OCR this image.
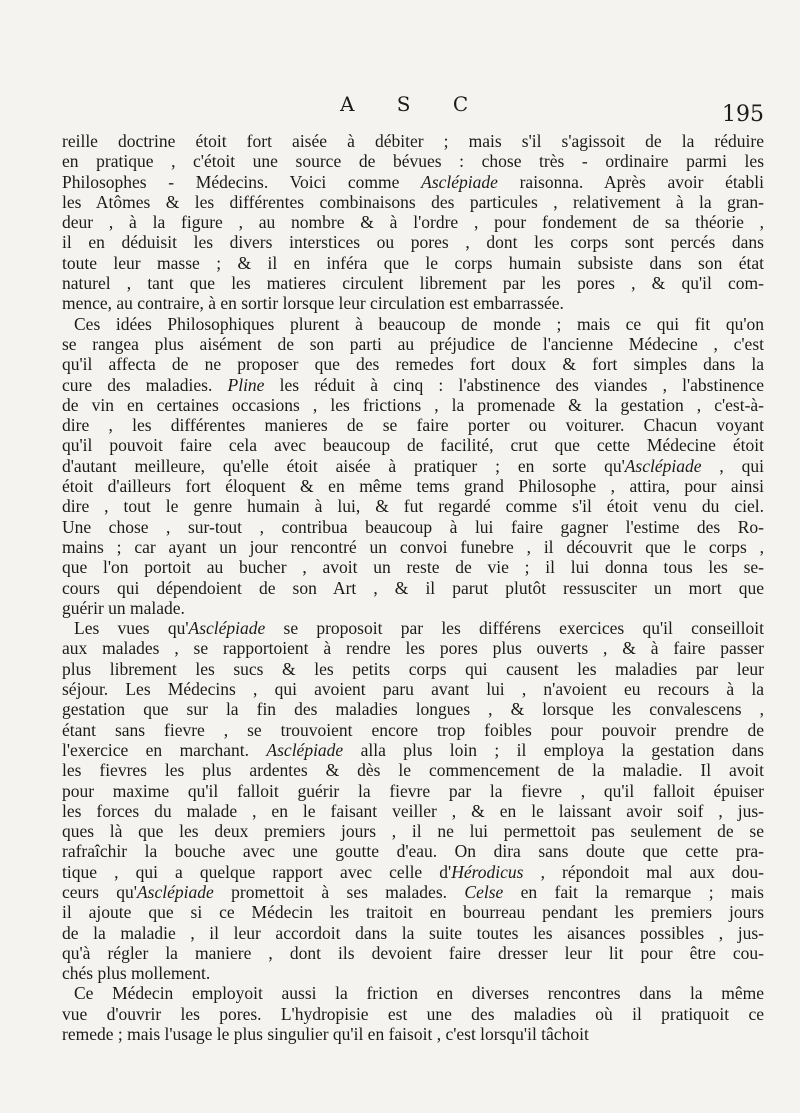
A S C	195
reille doctrine étoit fort aisée à débiter ; mais s'il s'agissoit de la réduire
en pratique , c'étoit une source de bévues : chose très - ordinaire parmi les
Philosophes - Médecins. Voici comme Asclépiade raisonna. Après avoir établi
les Atômes & les différentes combinaisons des particules , relativement à la gran-
deur , à la figure , au nombre & à l'ordre , pour fondement de sa théorie ,
il en déduisit les divers interstices ou pores , dont les corps sont percés dans
toute leur masse ; & il en inféra que le corps humain subsiste dans son état
naturel , tant que les matieres circulent librement par les pores , & qu'il com-
mence, au contraire, à en sortir lorsque leur circulation est embarrassée.
Ces idées Philosophiques plurent à beaucoup de monde ; mais ce qui fit qu'on
se rangea plus aisément de son parti au préjudice de l'ancienne Médecine , c'est
qu'il affecta de ne proposer que des remedes fort doux & fort simples dans la
cure des maladies. Pline les réduit à cinq : l'abstinence des viandes , l'abstinence
de vin en certaines occasions , les frictions , la promenade & la gestation , c'est-à-
dire , les différentes manieres de se faire porter ou voiturer. Chacun voyant
qu'il pouvoit faire cela avec beaucoup de facilité, crut que cette Médecine étoit
d'autant meilleure, qu'elle étoit aisée à pratiquer ; en sorte qu'Asclépiade , qui
étoit d'ailleurs fort éloquent & en même tems grand Philosophe , attira, pour ainsi
dire , tout le genre humain à lui, & fut regardé comme s'il étoit venu du ciel.
Une chose , sur-tout , contribua beaucoup à lui faire gagner l'estime des Ro-
mains ; car ayant un jour rencontré un convoi funebre , il découvrit que le corps ,
que l'on portoit au bucher , avoit un reste de vie ; il lui donna tous les se-
cours qui dépendoient de son Art , & il parut plutôt ressusciter un mort que
guérir un malade.
Les vues qu'Asclépiade se proposoit par les différens exercices qu'il conseilloit
aux malades , se rapportoient à rendre les pores plus ouverts , & à faire passer
plus librement les sucs & les petits corps qui causent les maladies par leur
séjour. Les Médecins , qui avoient paru avant lui , n'avoient eu recours à la
gestation que sur la fin des maladies longues , & lorsque les convalescens ,
étant sans fievre , se trouvoient encore trop foibles pour pouvoir prendre de
l'exercice en marchant. Asclépiade alla plus loin ; il employa la gestation dans
les fievres les plus ardentes & dès le commencement de la maladie. Il avoit
pour maxime qu'il falloit guérir la fievre par la fievre , qu'il falloit épuiser
les forces du malade , en le faisant veiller , & en le laissant avoir soif , jus-
ques là que les deux premiers jours , il ne lui permettoit pas seulement de se
rafraîchir la bouche avec une goutte d'eau. On dira sans doute que cette pra-
tique , qui a quelque rapport avec celle d'Hérodicus , répondoit mal aux dou-
ceurs qu'Asclépiade promettoit à ses malades. Celse en fait la remarque ; mais
il ajoute que si ce Médecin les traitoit en bourreau pendant les premiers jours
de la maladie , il leur accordoit dans la suite toutes les aisances possibles , jus-
qu'à régler la maniere , dont ils devoient faire dresser leur lit pour être cou-
chés plus mollement.
Ce Médecin employoit aussi la friction en diverses rencontres dans la même
vue d'ouvrir les pores. L'hydropisie est une des maladies où il pratiquoit ce
remede ; mais l'usage le plus singulier qu'il en faisoit , c'est lorsqu'il tâchoit
